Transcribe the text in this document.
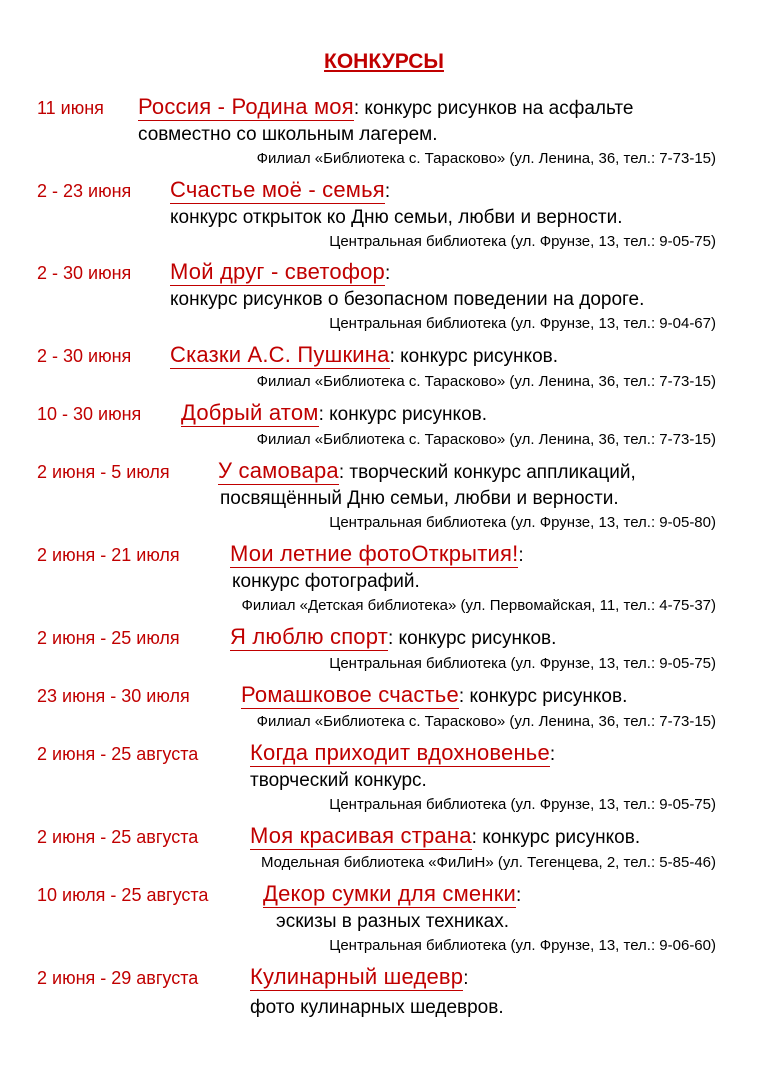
КОНКУРСЫ
11 июня Россия - Родина моя: конкурс рисунков на асфальте
совместно со школьным лагерем.
Филиал «Библиотека с. Тарасково» (ул. Ленина, 36, тел.: 7-73-15)
2 - 23 июня Счастье моё - семья:
конкурс открыток ко Дню семьи, любви и верности.
Центральная библиотека (ул. Фрунзе, 13, тел.: 9-05-75)
2 - 30 июня Мой друг - светофор:
конкурс рисунков о безопасном поведении на дороге.
Центральная библиотека (ул. Фрунзе, 13, тел.: 9-04-67)
2 - 30 июня Сказки А.С. Пушкина: конкурс рисунков.
Филиал «Библиотека с. Тарасково» (ул. Ленина, 36, тел.: 7-73-15)
10 - 30 июня Добрый атом: конкурс рисунков.
Филиал «Библиотека с. Тарасково» (ул. Ленина, 36, тел.: 7-73-15)
2 июня - 5 июля У самовара: творческий конкурс аппликаций,
посвящённый Дню семьи, любви и верности.
Центральная библиотека (ул. Фрунзе, 13, тел.: 9-05-80)
2 июня - 21 июля Мои летние фотоОткрытия!:
конкурс фотографий.
Филиал «Детская библиотека» (ул. Первомайская, 11, тел.: 4-75-37)
2 июня - 25 июля Я люблю спорт: конкурс рисунков.
Центральная библиотека (ул. Фрунзе, 13, тел.: 9-05-75)
23 июня - 30 июля Ромашковое счастье: конкурс рисунков.
Филиал «Библиотека с. Тарасково» (ул. Ленина, 36, тел.: 7-73-15)
2 июня - 25 августа Когда приходит вдохновенье:
творческий конкурс.
Центральная библиотека (ул. Фрунзе, 13, тел.: 9-05-75)
2 июня - 25 августа Моя красивая страна: конкурс рисунков.
Модельная библиотека «ФиЛиН» (ул. Тегенцева, 2, тел.: 5-85-46)
10 июля - 25 августа Декор сумки для сменки:
эскизы в разных техниках.
Центральная библиотека (ул. Фрунзе, 13, тел.: 9-06-60)
2 июня - 29 августа Кулинарный шедевр:
фото кулинарных шедевров.
